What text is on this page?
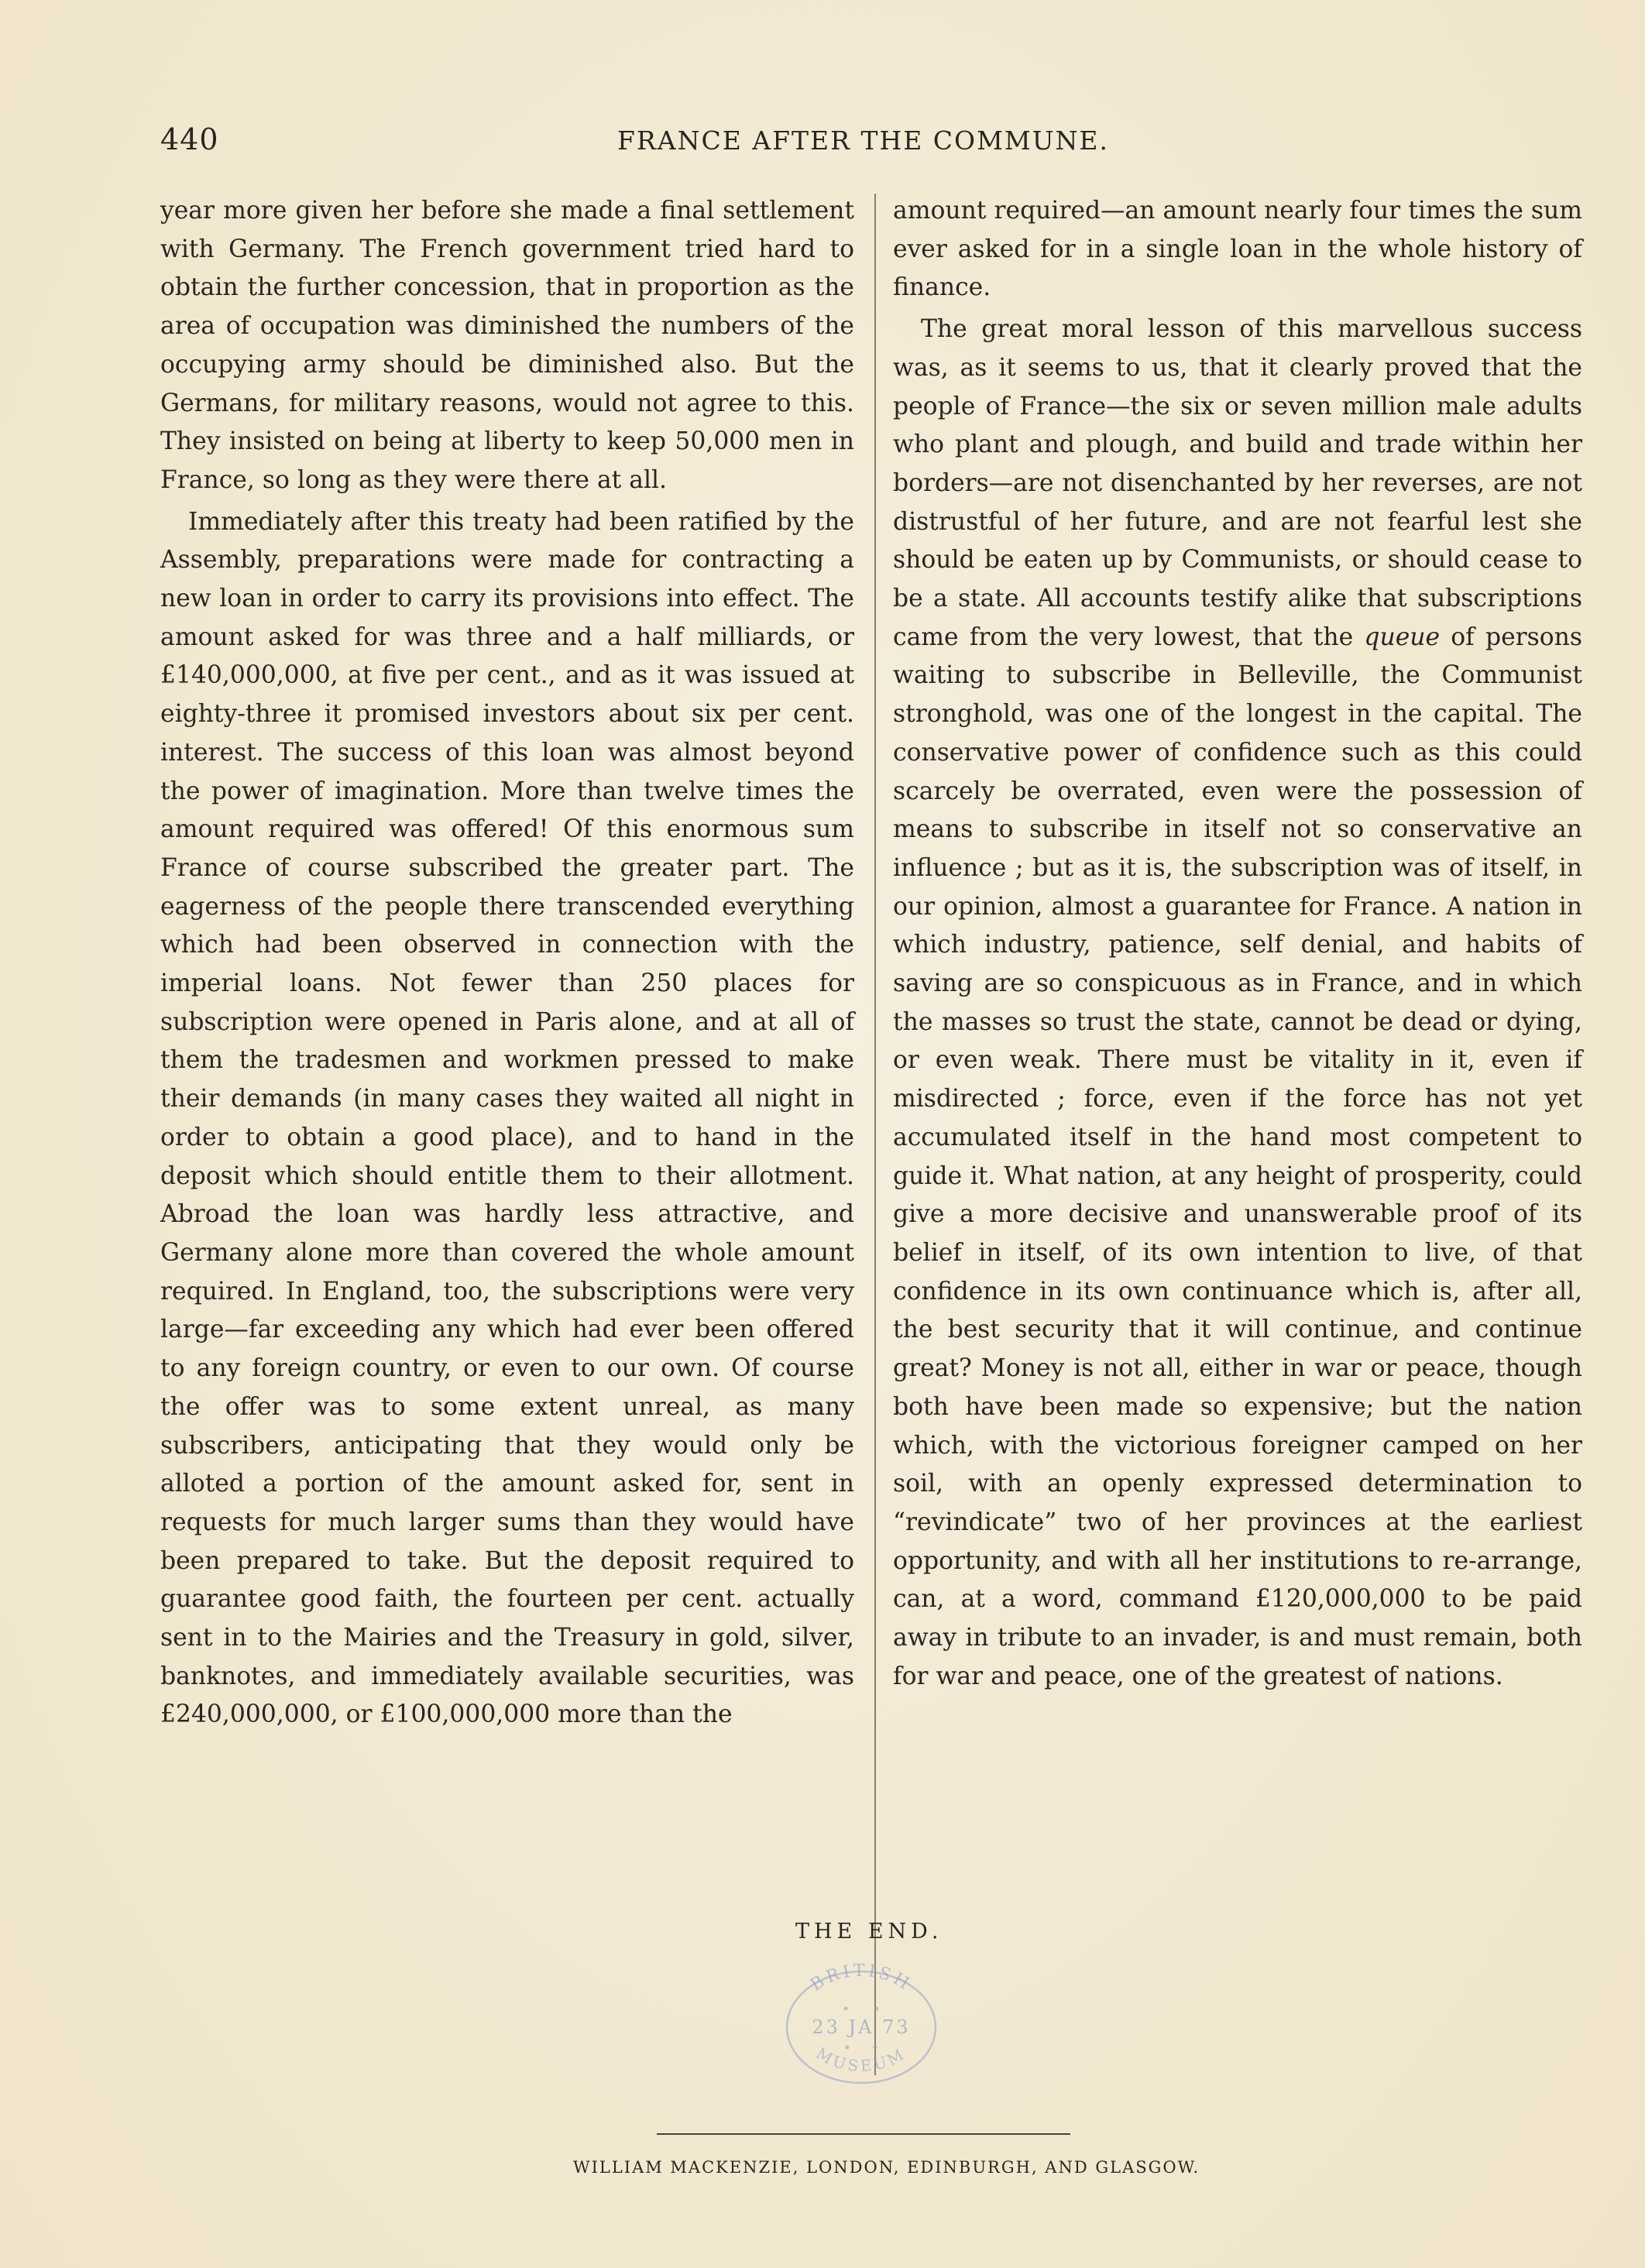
440	FRANCE AFTER THE COMMUNE.

year more given her before she made a final settlement with Germany. The French government tried hard to obtain the further concession, that in proportion as the area of occupation was diminished the numbers of the occupying army should be diminished also. But the Germans, for military reasons, would not agree to this. They insisted on being at liberty to keep 50,000 men in France, so long as they were there at all.

Immediately after this treaty had been ratified by the Assembly, preparations were made for contracting a new loan in order to carry its provisions into effect. The amount asked for was three and a half milliards, or £140,000,000, at five per cent., and as it was issued at eighty-three it promised investors about six per cent. interest. The success of this loan was almost beyond the power of imagination. More than twelve times the amount required was offered! Of this enormous sum France of course subscribed the greater part. The eagerness of the people there transcended everything which had been observed in connection with the imperial loans. Not fewer than 250 places for subscription were opened in Paris alone, and at all of them the tradesmen and workmen pressed to make their demands (in many cases they waited all night in order to obtain a good place), and to hand in the deposit which should entitle them to their allotment. Abroad the loan was hardly less attractive, and Germany alone more than covered the whole amount required. In England, too, the subscriptions were very large—far exceeding any which had ever been offered to any foreign country, or even to our own. Of course the offer was to some extent unreal, as many subscribers, anticipating that they would only be alloted a portion of the amount asked for, sent in requests for much larger sums than they would have been prepared to take. But the deposit required to guarantee good faith, the fourteen per cent. actually sent in to the Mairies and the Treasury in gold, silver, banknotes, and immediately available securities, was £240,000,000, or £100,000,000 more than the

amount required—an amount nearly four times the sum ever asked for in a single loan in the whole history of finance.

The great moral lesson of this marvellous success was, as it seems to us, that it clearly proved that the people of France—the six or seven million male adults who plant and plough, and build and trade within her borders—are not disenchanted by her reverses, are not distrustful of her future, and are not fearful lest she should be eaten up by Communists, or should cease to be a state. All accounts testify alike that subscriptions came from the very lowest, that the queue of persons waiting to subscribe in Belleville, the Communist stronghold, was one of the longest in the capital. The conservative power of confidence such as this could scarcely be overrated, even were the possession of means to subscribe in itself not so conservative an influence ; but as it is, the subscription was of itself, in our opinion, almost a guarantee for France. A nation in which industry, patience, self denial, and habits of saving are so conspicuous as in France, and in which the masses so trust the state, cannot be dead or dying, or even weak. There must be vitality in it, even if misdirected ; force, even if the force has not yet accumulated itself in the hand most competent to guide it. What nation, at any height of prosperity, could give a more decisive and unanswerable proof of its belief in itself, of its own intention to live, of that confidence in its own continuance which is, after all, the best security that it will continue, and continue great? Money is not all, either in war or peace, though both have been made so expensive; but the nation which, with the victorious foreigner camped on her soil, with an openly expressed determination to “revindicate” two of her provinces at the earliest opportunity, and with all her institutions to re-arrange, can, at a word, command £120,000,000 to be paid away in tribute to an invader, is and must remain, both for war and peace, one of the greatest of nations.

THE END.
BRITISH
23 JA 73
MUSEUM
WILLIAM MACKENZIE, LONDON, EDINBURGH, AND GLASGOW.
